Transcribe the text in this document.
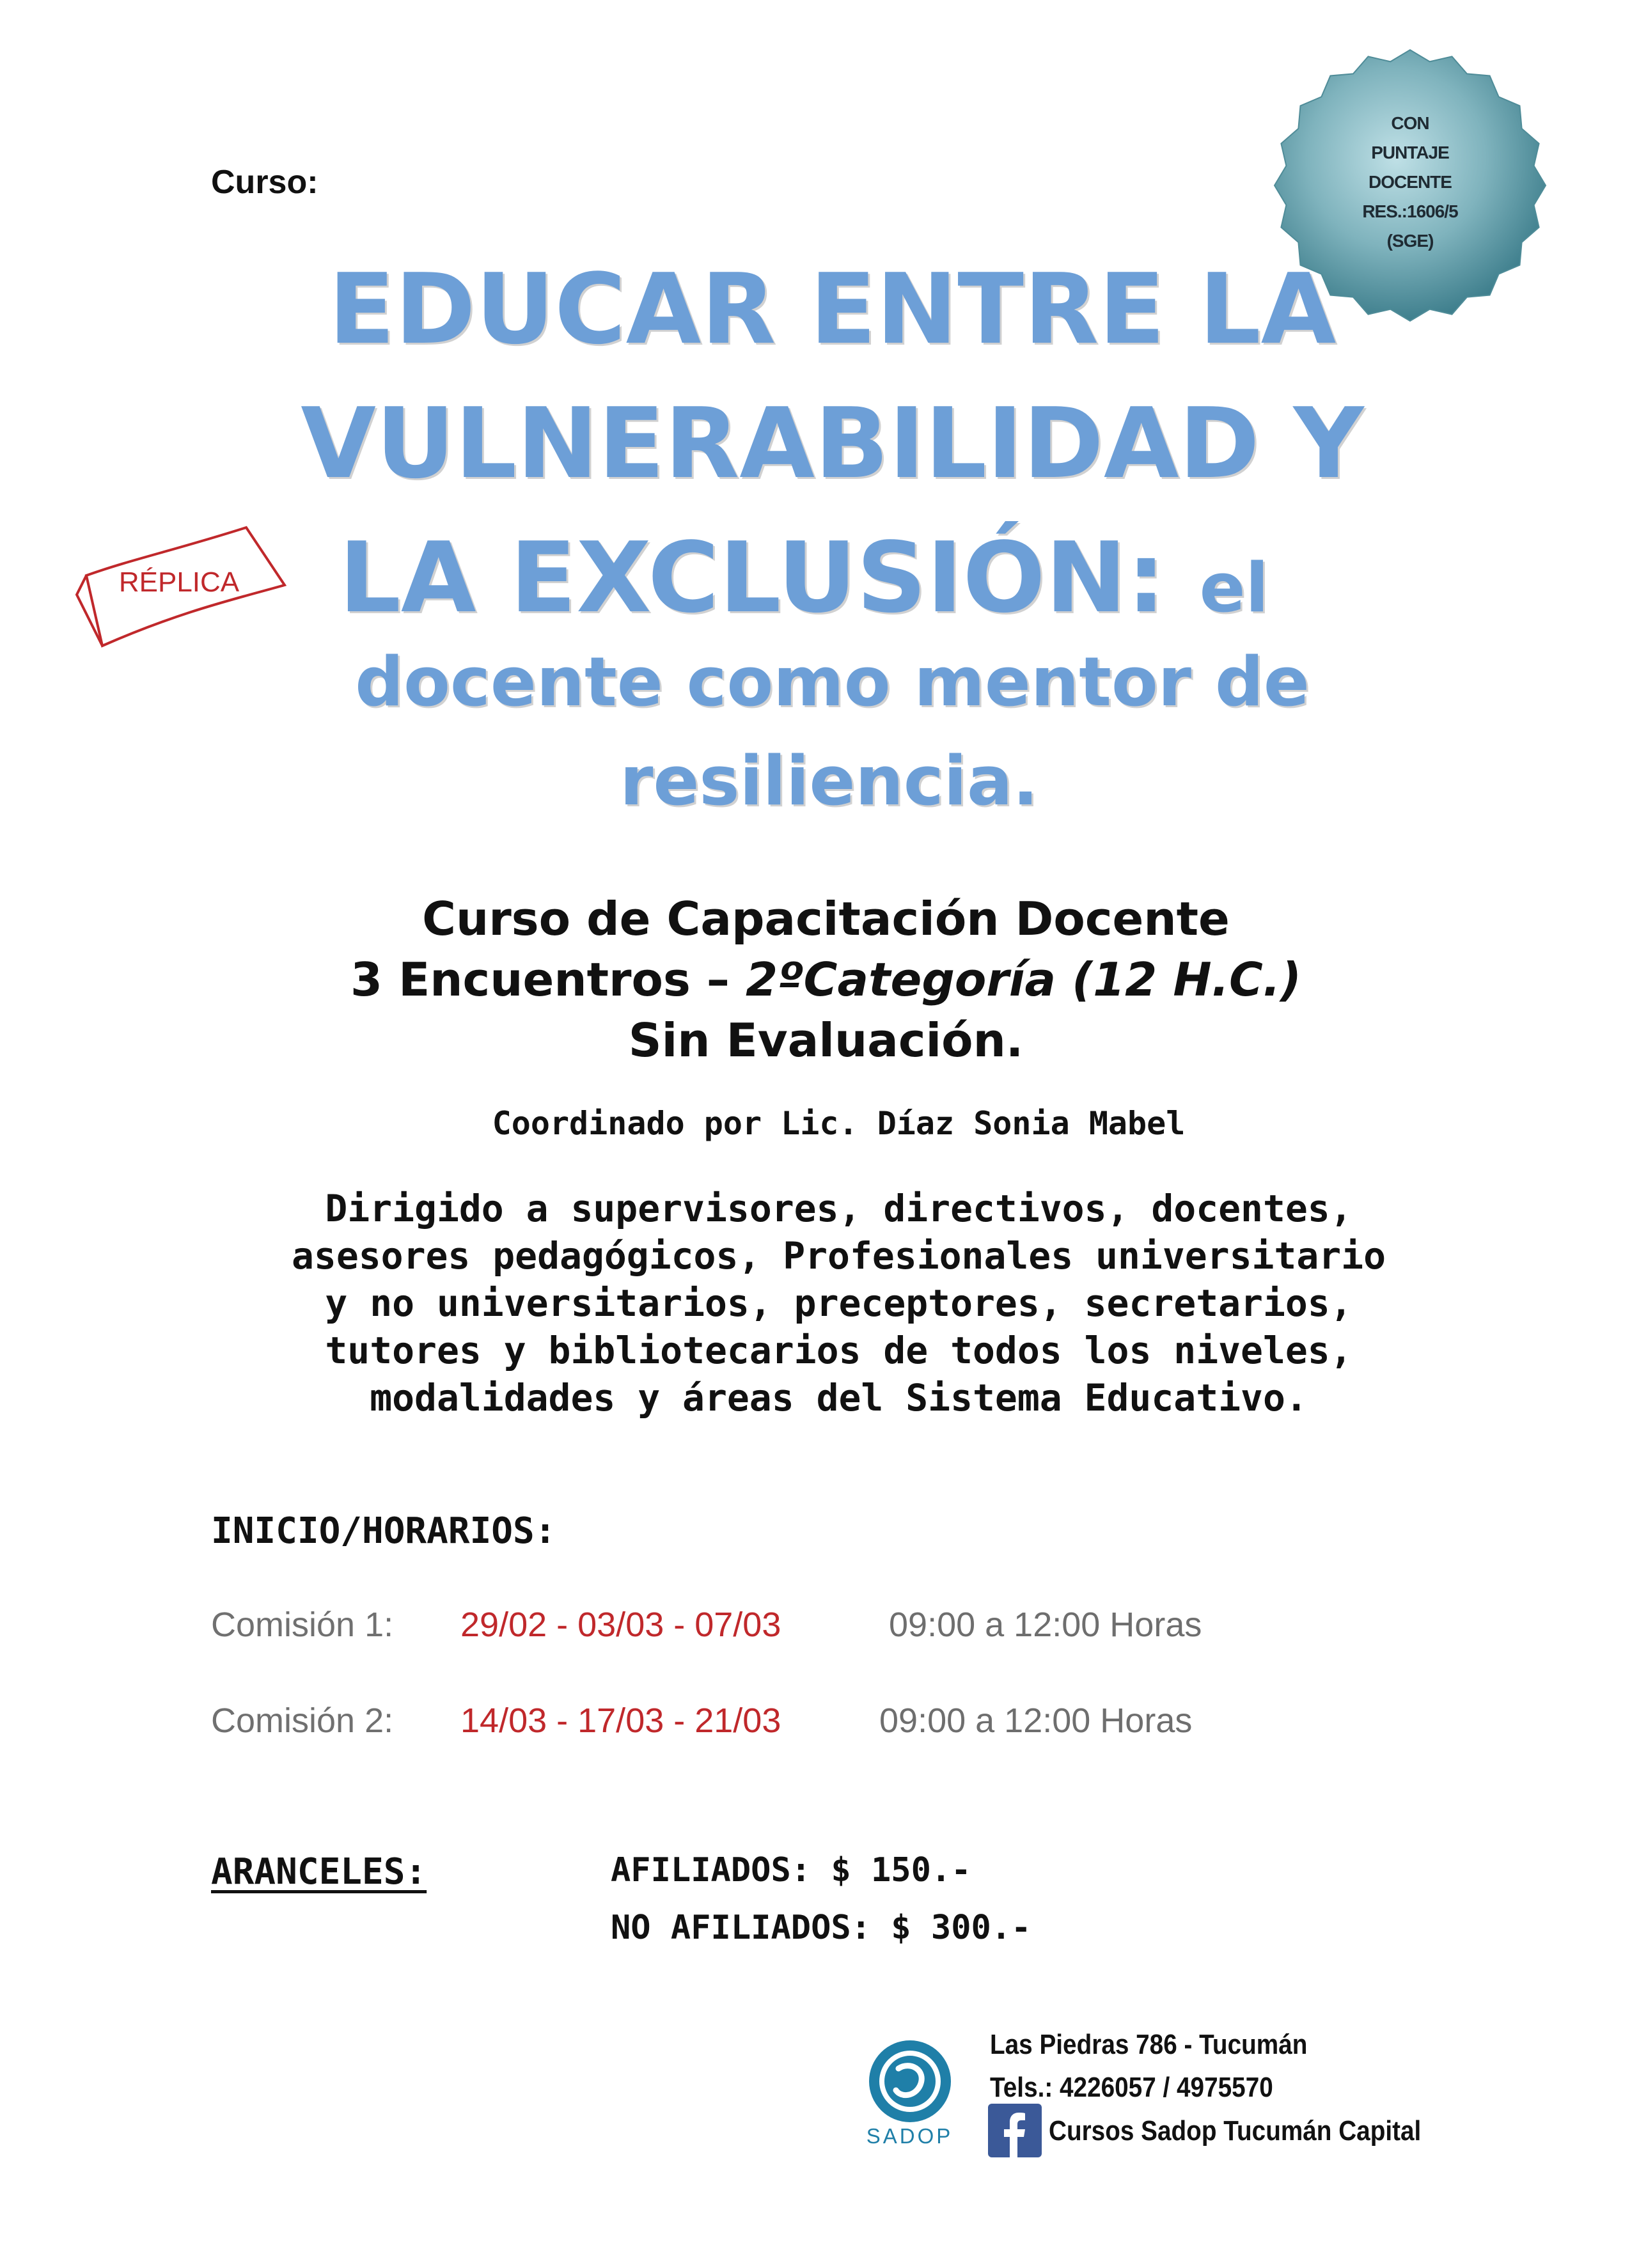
Curso:
CON
PUNTAJE
DOCENTE
RES.:1606/5
(SGE)
EDUCAR ENTRE LA
VULNERABILIDAD Y
LA EXCLUSIÓN: el
docente como mentor de
resiliencia.
RÉPLICA
Curso de Capacitación Docente
3 Encuentros – 2ºCategoría (12 H.C.)
Sin Evaluación.
Coordinado por Lic. Díaz Sonia Mabel
Dirigido a supervisores, directivos, docentes,
asesores pedagógicos, Profesionales universitario
y no universitarios, preceptores, secretarios,
tutores y bibliotecarios de todos los niveles,
modalidades y áreas del Sistema Educativo.
INICIO/HORARIOS:
Comisión 1: 29/02 - 03/03 - 07/03	09:00 a 12:00 Horas
Comisión 2: 14/03 - 17/03 - 21/03	09:00 a 12:00 Horas
ARANCELES:	AFILIADOS: $ 150.-
NO AFILIADOS: $ 300.-
SADOP
Las Piedras 786 - Tucumán
Tels.: 4226057 / 4975570
Cursos Sadop Tucumán Capital
